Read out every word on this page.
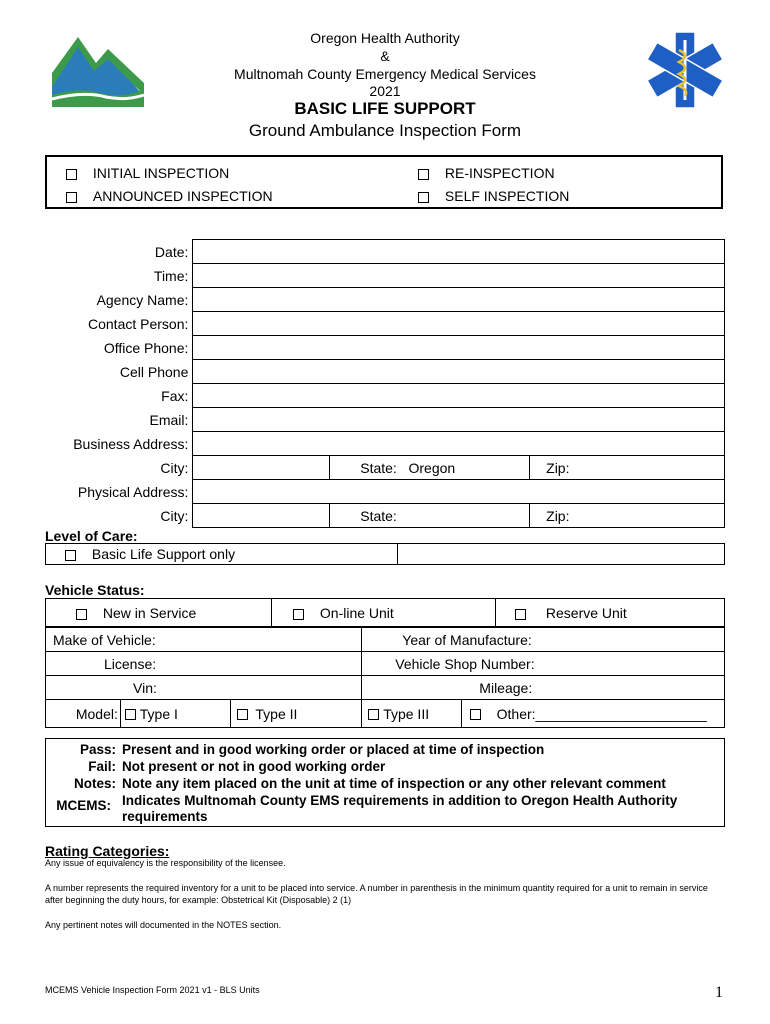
Oregon Health Authority
&
Multnomah County Emergency Medical Services
2021
BASIC LIFE SUPPORT
Ground Ambulance Inspection Form
INITIAL INSPECTION	RE-INSPECTION
ANNOUNCED INSPECTION	SELF INSPECTION
Date:			
Time:			
Agency Name:			
Contact Person:			
Office Phone:			
Cell Phone			
Fax:			
Email:			
Business Address:			
City:		State: Oregon	Zip:
Physical Address:			
City:		State:	Zip:
Level of Care:
Basic Life Support only
Vehicle Status:
New in Service	On-line Unit	Reserve Unit
Make of Vehicle:			Year of Manufacture:	
License:			Vehicle Shop Number:	
Vin:			Mileage:	
Model:	Type I	Type II	Type III	Other:______________________
Pass: Present and in good working order or placed at time of inspection
Fail: Not present or not in good working order
Notes: Note any item placed on the unit at time of inspection or any other relevant comment
MCEMS: Indicates Multnomah County EMS requirements in addition to Oregon Health Authority requirements
Rating Categories:
Any issue of equivalency is the responsibility of the licensee.
A number represents the required inventory for a unit to be placed into service. A number in parenthesis in the minimum quantity required for a unit to remain in service after beginning the duty hours, for example: Obstetrical Kit (Disposable) 2 (1)
Any pertinent notes will documented in the NOTES section.
MCEMS Vehicle Inspection Form 2021 v1 - BLS Units	1
